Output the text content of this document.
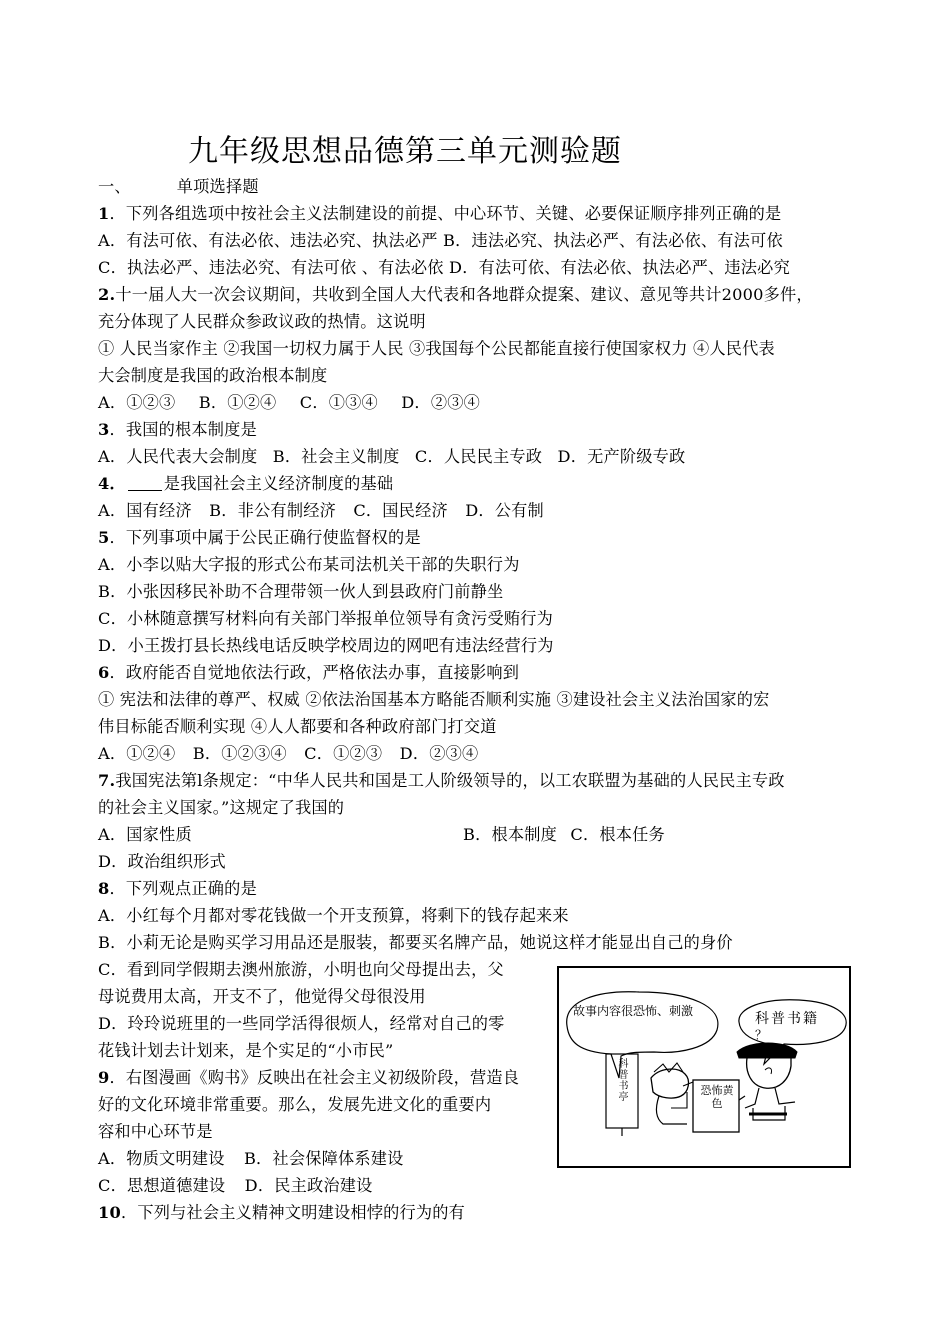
九年级思想品德第三单元测验题
一、	单项选择题
1．下列各组选项中按社会主义法制建设的前提、中心环节、关键、必要保证顺序排列正确的是
A．有法可依、有法必依、违法必究、执法必严 B．违法必究、执法必严、有法必依、有法可依
C．执法必严、违法必究、有法可依 、有法必依 D．有法可依、有法必依、执法必严、违法必究
2.十一届人大一次会议期间，共收到全国人大代表和各地群众提案、建议、意见等共计2000多件，
充分体现了人民群众参政议政的热情。这说明
① 人民当家作主 ②我国一切权力属于人民 ③我国每个公民都能直接行使国家权力 ④人民代表
大会制度是我国的政治根本制度
A．①②③ B．①②④ C．①③④ D．②③④
3．我国的根本制度是
A．人民代表大会制度 B．社会主义制度 C．人民民主专政 D．无产阶级专政
4． 是我国社会主义经济制度的基础
A．国有经济 B．非公有制经济 C．国民经济 D．公有制
5．下列事项中属于公民正确行使监督权的是
A．小李以贴大字报的形式公布某司法机关干部的失职行为
B．小张因移民补助不合理带领一伙人到县政府门前静坐
C．小林随意撰写材料向有关部门举报单位领导有贪污受贿行为
D．小王拨打县长热线电话反映学校周边的网吧有违法经营行为
6．政府能否自觉地依法行政，严格依法办事，直接影响到
① 宪法和法律的尊严、权威 ②依法治国基本方略能否顺利实施 ③建设社会主义法治国家的宏
伟目标能否顺利实现 ④人人都要和各种政府部门打交道
A．①②④ B．①②③④ C．①②③ D．②③④
7.我国宪法第l条规定：“中华人民共和国是工人阶级领导的，以工农联盟为基础的人民民主专政
的社会主义国家。”这规定了我国的
A．国家性质	B．根本制度 C．根本任务
D．政治组织形式
8．下列观点正确的是
A．小红每个月都对零花钱做一个开支预算，将剩下的钱存起来来
B．小莉无论是购买学习用品还是服装，都要买名牌产品，她说这样才能显出自己的身价
C．看到同学假期去澳州旅游，小明也向父母提出去，父
母说费用太高，开支不了，他觉得父母很没用
D．玲玲说班里的一些同学活得很烦人，经常对自己的零
花钱计划去计划来，是个实足的“小市民”
9．右图漫画《购书》反映出在社会主义初级阶段，营造良
好的文化环境非常重要。那么，发展先进文化的重要内
容和中心环节是
A．物质文明建设 B．社会保障体系建设
C．思想道德建设 D．民主政治建设
10．下列与社会主义精神文明建设相悖的行为的有
故事内容很恐怖、刺激	科普书籍
？
科普书亭	恐怖黄色
